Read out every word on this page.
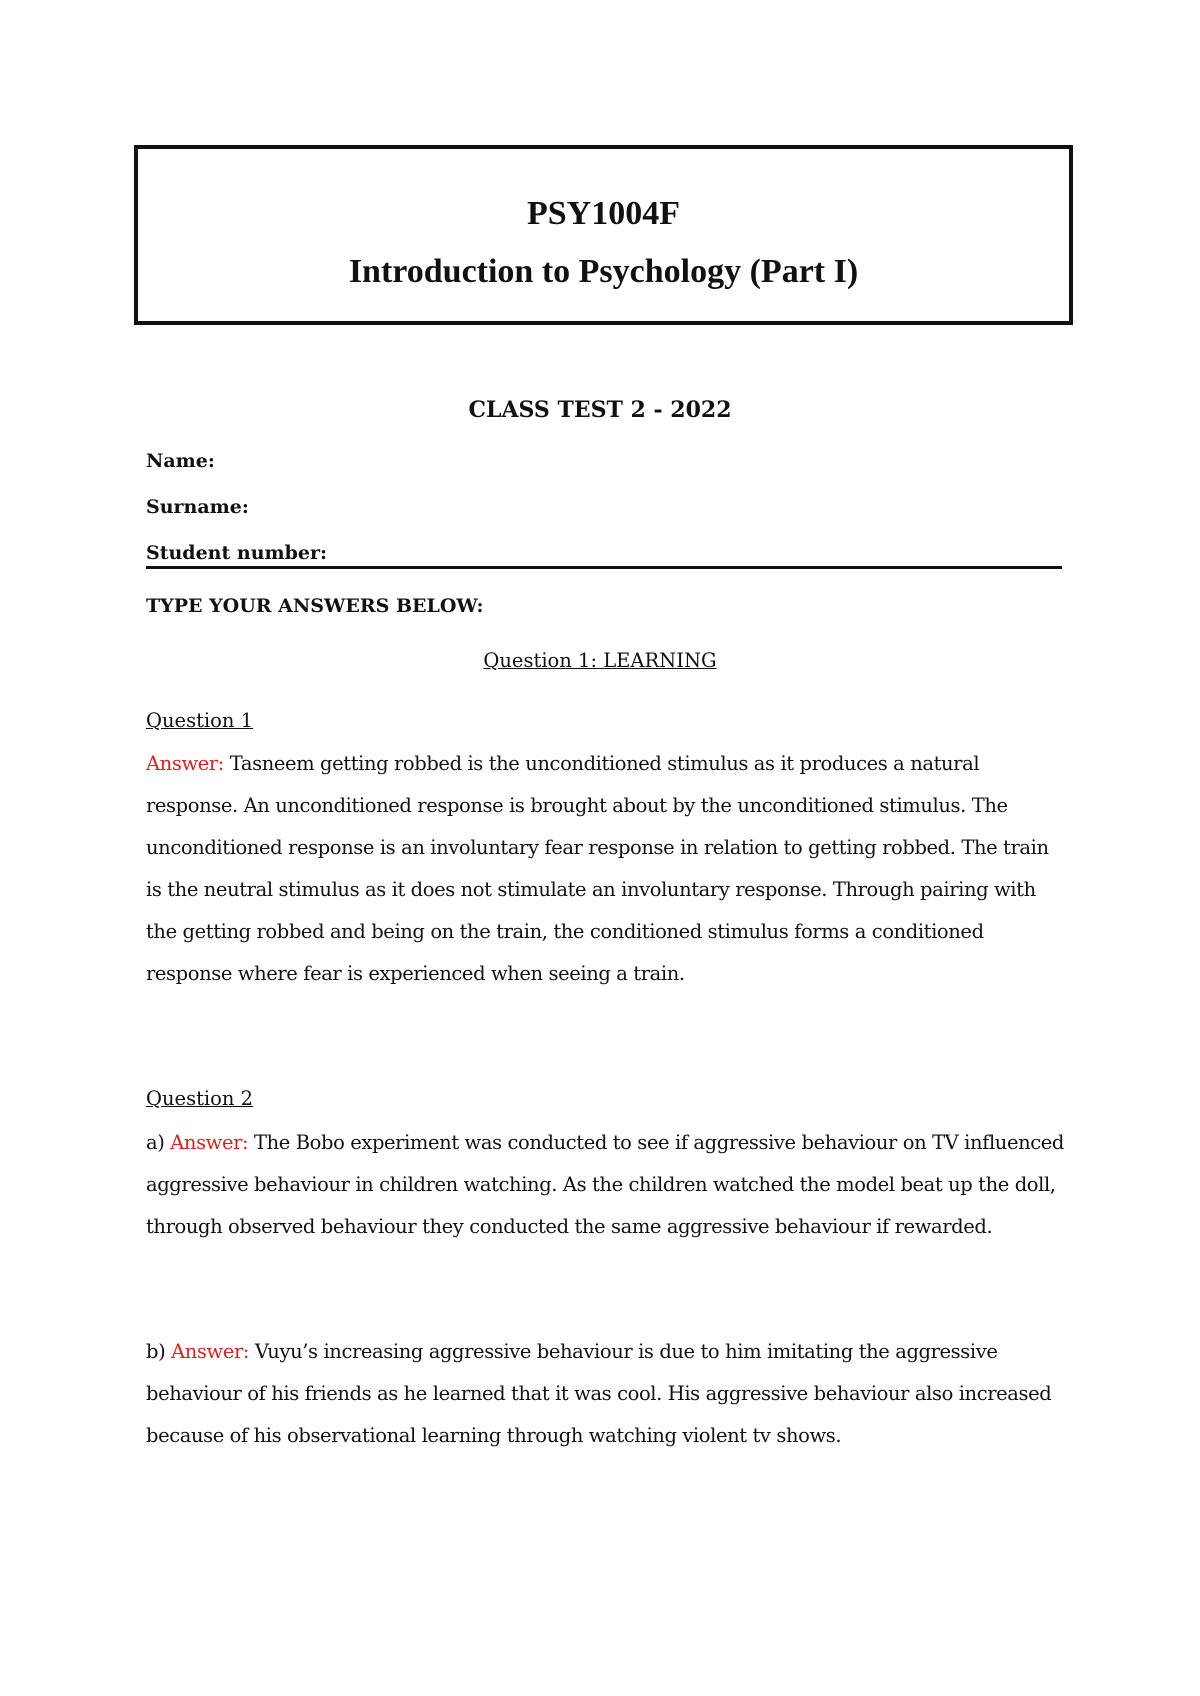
PSY1004F
Introduction to Psychology (Part I)
CLASS TEST 2 - 2022
Name:
Surname:
Student number:
TYPE YOUR ANSWERS BELOW:
Question 1: LEARNING
Question 1
Answer: Tasneem getting robbed is the unconditioned stimulus as it produces a natural response. An unconditioned response is brought about by the unconditioned stimulus. The unconditioned response is an involuntary fear response in relation to getting robbed. The train is the neutral stimulus as it does not stimulate an involuntary response. Through pairing with the getting robbed and being on the train, the conditioned stimulus forms a conditioned response where fear is experienced when seeing a train.
Question 2
a) Answer: The Bobo experiment was conducted to see if aggressive behaviour on TV influenced aggressive behaviour in children watching. As the children watched the model beat up the doll, through observed behaviour they conducted the same aggressive behaviour if rewarded.
b) Answer: Vuyu’s increasing aggressive behaviour is due to him imitating the aggressive behaviour of his friends as he learned that it was cool. His aggressive behaviour also increased because of his observational learning through watching violent tv shows.
